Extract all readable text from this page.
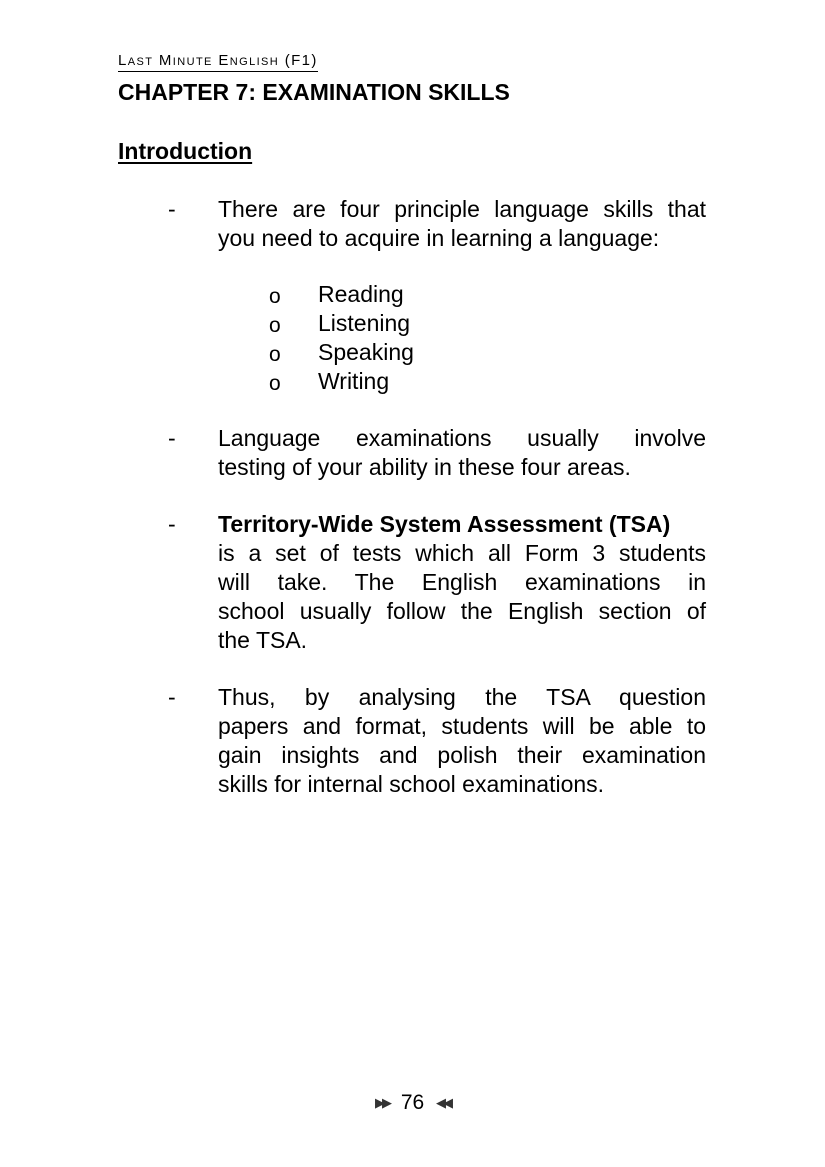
Last Minute English (F1)
CHAPTER 7: EXAMINATION SKILLS
Introduction
- There are four principle language skills that
you need to acquire in learning a language:
o Reading
o Listening
o Speaking
o Writing
- Language examinations usually involve
testing of your ability in these four areas.
- Territory-Wide System Assessment (TSA)
is a set of tests which all Form 3 students
will take. The English examinations in
school usually follow the English section of
the TSA.
- Thus, by analysing the TSA question
papers and format, students will be able to
gain insights and polish their examination
skills for internal school examinations.
▶▶ 76 ◀◀
